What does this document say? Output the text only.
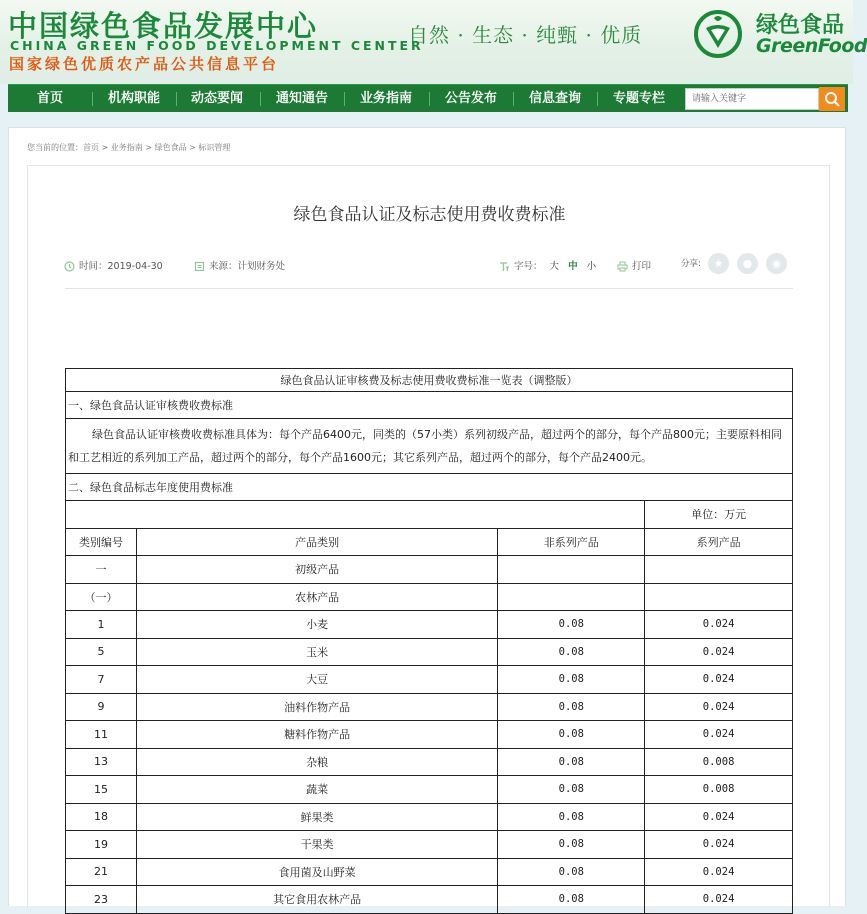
中国绿色食品发展中心
CHINA GREEN FOOD DEVELOPMENT CENTER
国家绿色优质农产品公共信息平台
自然 · 生态 · 纯甄 · 优质	绿色食品
GreenFood
首页	机构职能	动态要闻	通知通告	业务指南	公告发布	信息查询	专题专栏	请输入关键字
您当前的位置：首页 > 业务指南 > 绿色食品 > 标识管理
绿色食品认证及标志使用费收费标准
时间：2019-04-30	来源：计划财务处	字号： 大 中 小	打印	分享:	★	●	◉
绿色食品认证审核费及标志使用费收费标准一览表（调整版）			
一、绿色食品认证审核费收费标准			
绿色食品认证审核费收费标准具体为：每个产品6400元，同类的（57小类）系列初级产品，超过两个的部分，每个产品800元；主要原料相同和工艺相近的系列加工产品，超过两个的部分，每个产品1600元；其它系列产品，超过两个的部分，每个产品2400元。			
二、绿色食品标志年度使用费标准			
			单位：万元
类别编号	产品类别	非系列产品	系列产品
一	初级产品		
（一）	农林产品		
1	小麦	0.08	0.024
5	玉米	0.08	0.024
7	大豆	0.08	0.024
9	油料作物产品	0.08	0.024
11	糖料作物产品	0.08	0.024
13	杂粮	0.08	0.008
15	蔬菜	0.08	0.008
18	鲜果类	0.08	0.024
19	干果类	0.08	0.024
21	食用菌及山野菜	0.08	0.024
23	其它食用农林产品	0.08	0.024
